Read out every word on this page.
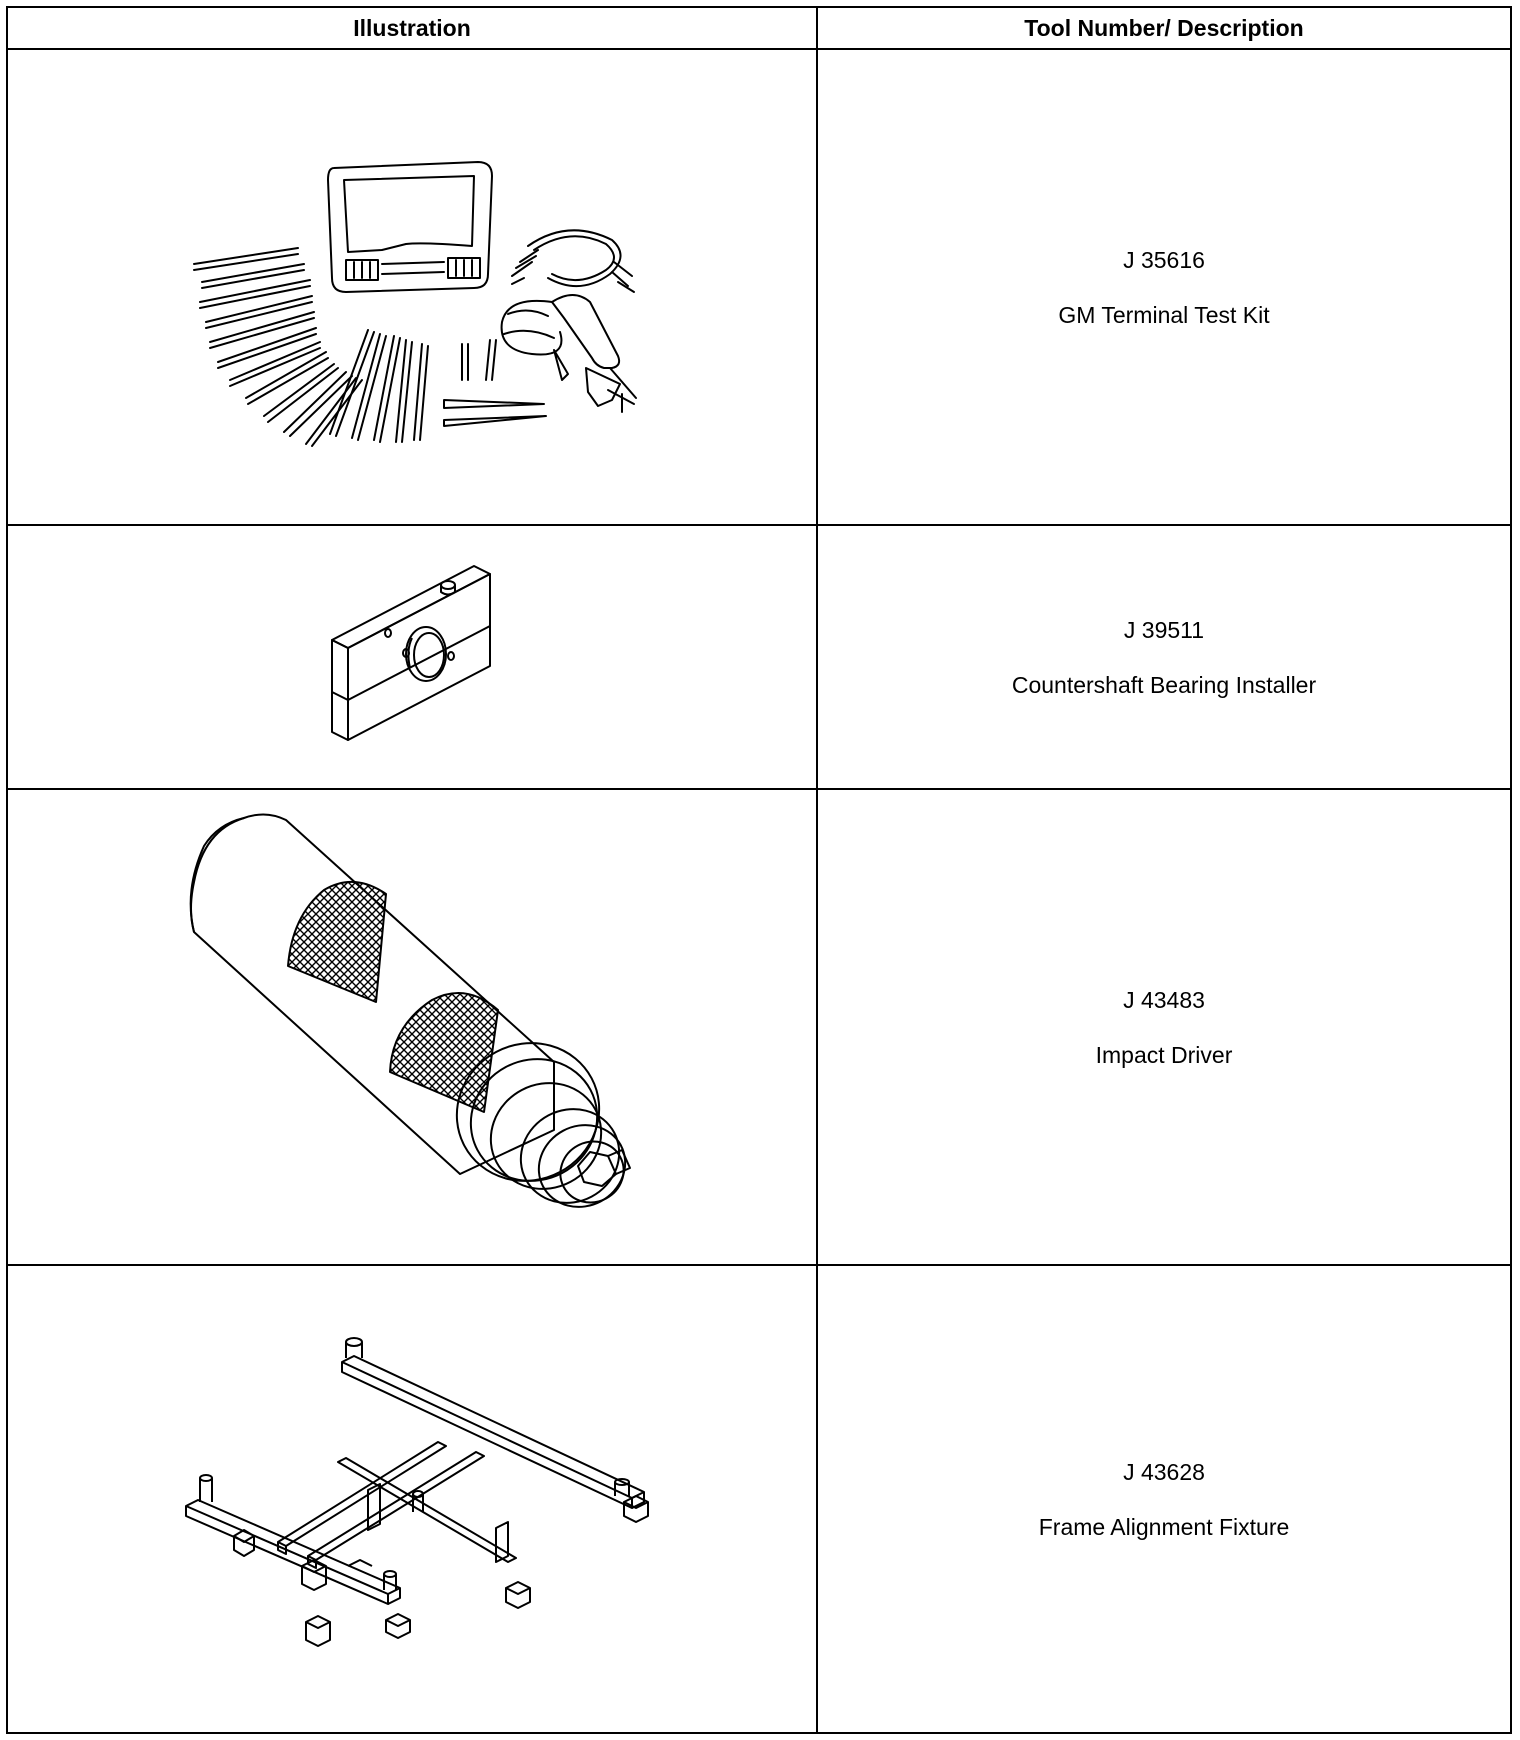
Illustration	Tool Number/ Description
J 35616
GM Terminal Test Kit
J 39511
Countershaft Bearing Installer
J 43483
Impact Driver
J 43628
Frame Alignment Fixture
